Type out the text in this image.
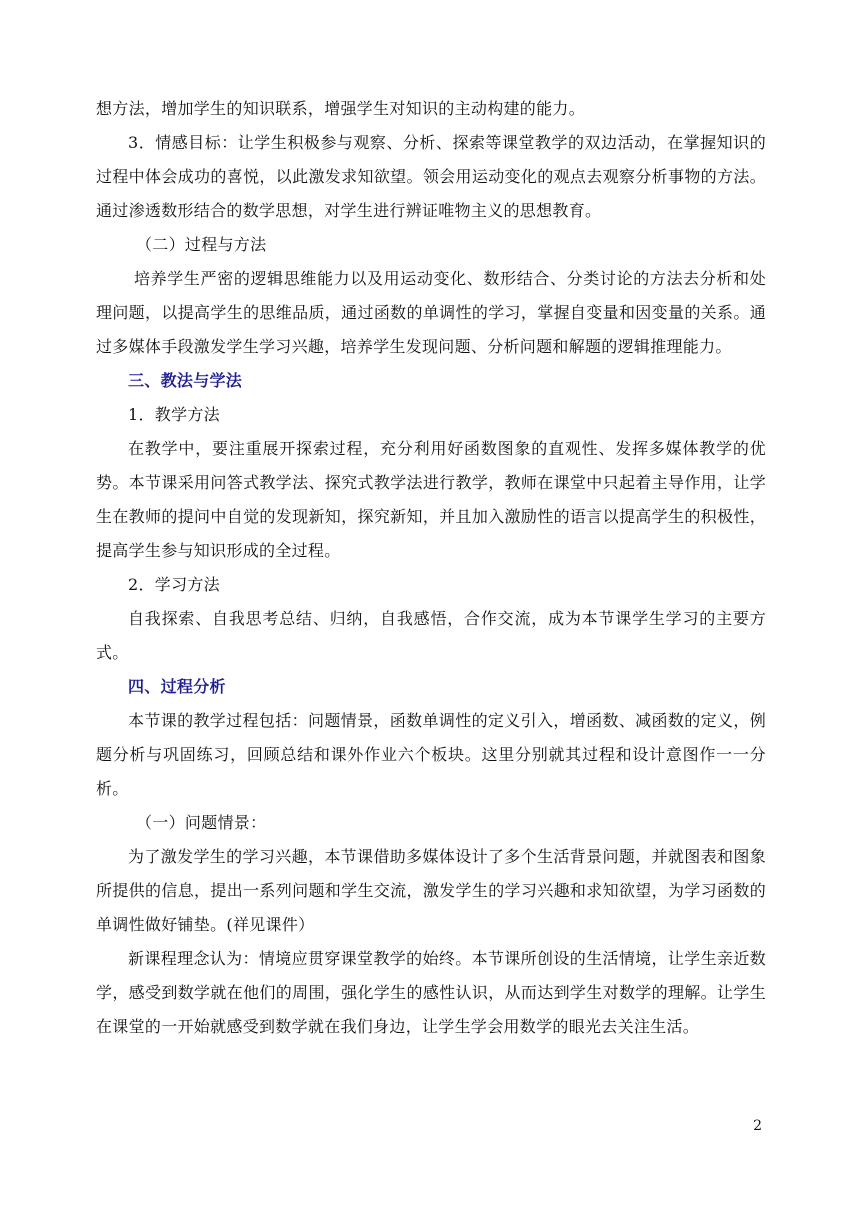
想方法，增加学生的知识联系，增强学生对知识的主动构建的能力。

3．情感目标：让学生积极参与观察、分析、探索等课堂教学的双边活动，在掌握知识的过程中体会成功的喜悦，以此激发求知欲望。领会用运动变化的观点去观察分析事物的方法。通过渗透数形结合的数学思想，对学生进行辨证唯物主义的思想教育。

（二）过程与方法

培养学生严密的逻辑思维能力以及用运动变化、数形结合、分类讨论的方法去分析和处理问题，以提高学生的思维品质，通过函数的单调性的学习，掌握自变量和因变量的关系。通过多媒体手段激发学生学习兴趣，培养学生发现问题、分析问题和解题的逻辑推理能力。

三、教法与学法

1．教学方法

在教学中，要注重展开探索过程，充分利用好函数图象的直观性、发挥多媒体教学的优势。本节课采用问答式教学法、探究式教学法进行教学，教师在课堂中只起着主导作用，让学生在教师的提问中自觉的发现新知，探究新知，并且加入激励性的语言以提高学生的积极性，提高学生参与知识形成的全过程。

2．学习方法

自我探索、自我思考总结、归纳，自我感悟，合作交流，成为本节课学生学习的主要方式。

四、过程分析

本节课的教学过程包括：问题情景，函数单调性的定义引入，增函数、减函数的定义，例题分析与巩固练习，回顾总结和课外作业六个板块。这里分别就其过程和设计意图作一一分析。

（一）问题情景：

为了激发学生的学习兴趣，本节课借助多媒体设计了多个生活背景问题，并就图表和图象所提供的信息，提出一系列问题和学生交流，激发学生的学习兴趣和求知欲望，为学习函数的单调性做好铺垫。(祥见课件）

新课程理念认为：情境应贯穿课堂教学的始终。本节课所创设的生活情境，让学生亲近数学，感受到数学就在他们的周围，强化学生的感性认识，从而达到学生对数学的理解。让学生在课堂的一开始就感受到数学就在我们身边，让学生学会用数学的眼光去关注生活。

2
